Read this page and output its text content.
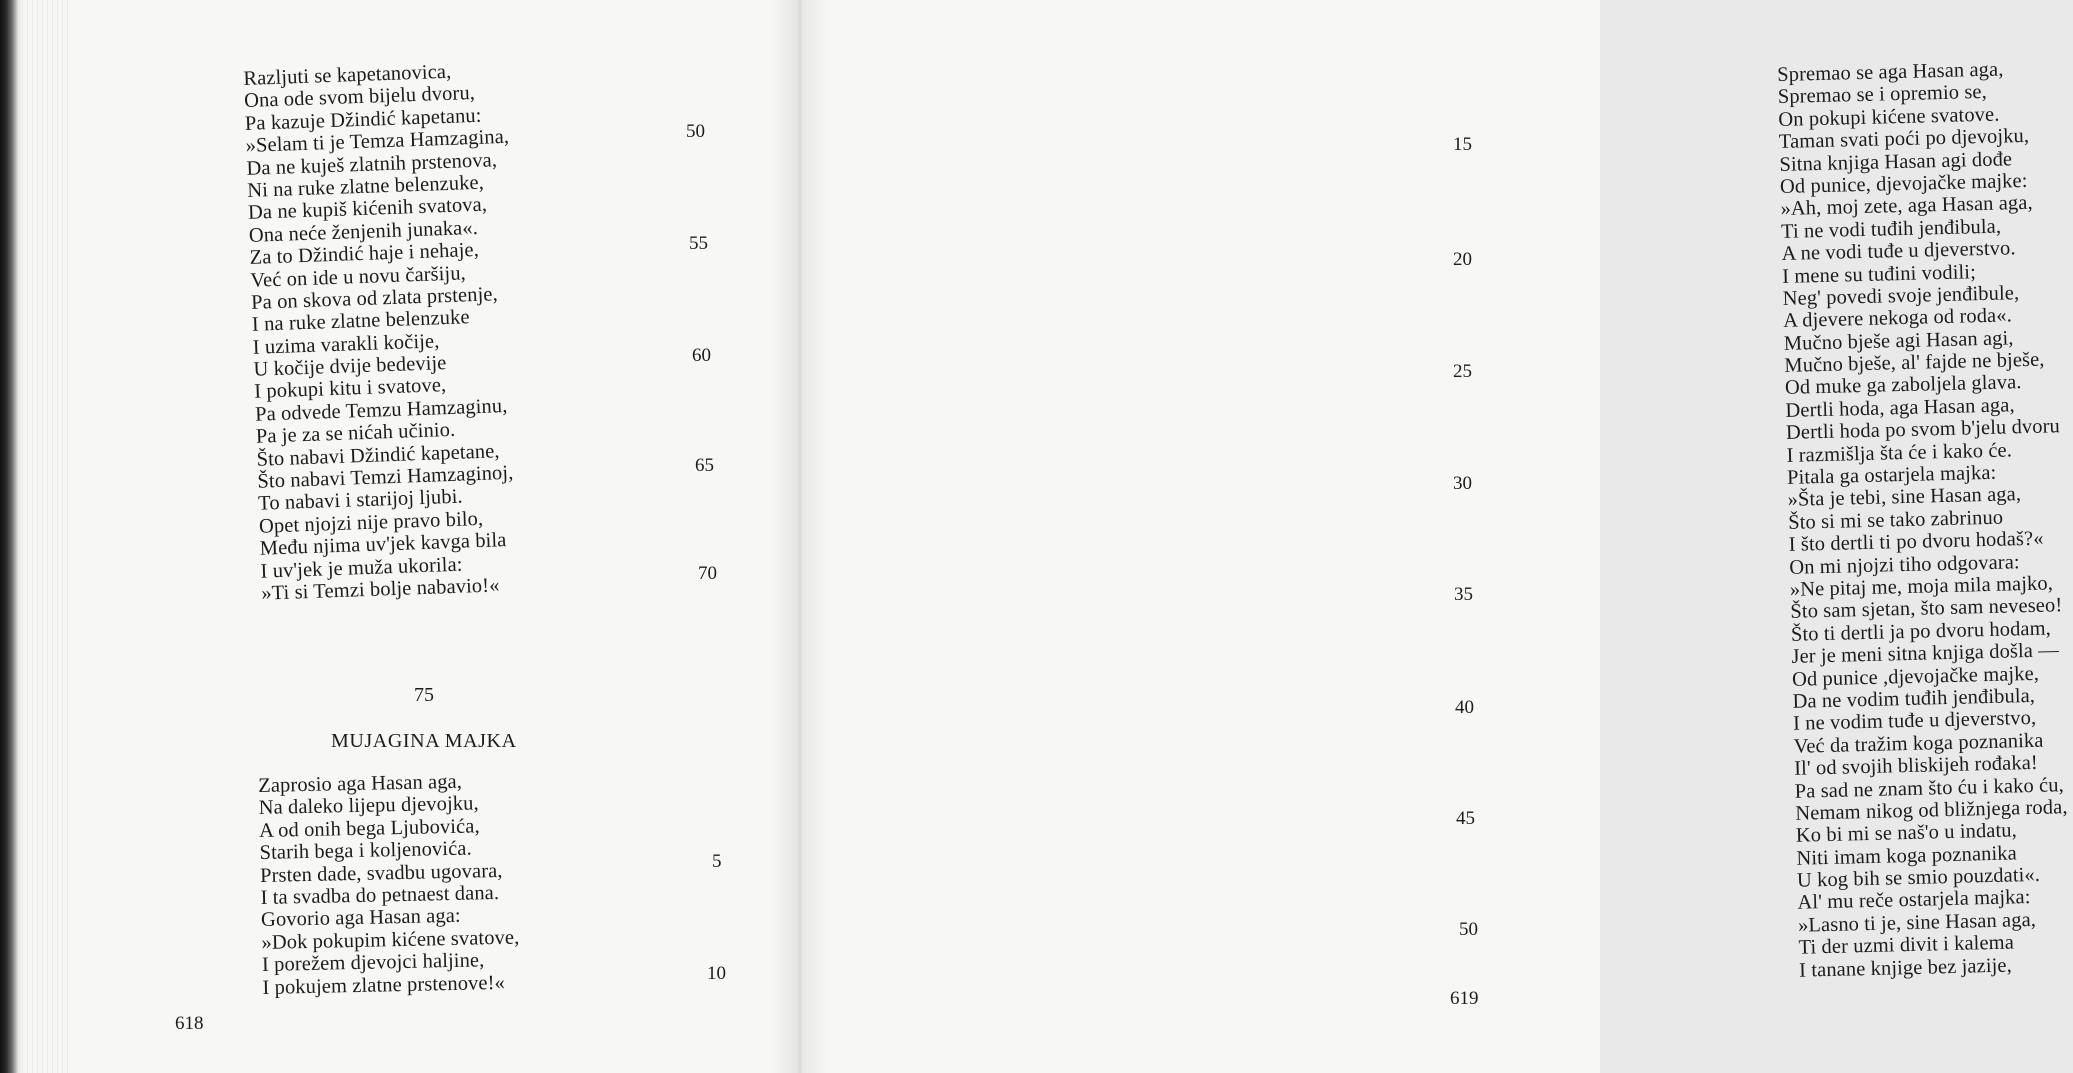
Razljuti se kapetanovica,
Ona ode svom bijelu dvoru,
Pa kazuje Džindić kapetanu:
»Selam ti je Temza Hamzagina,
Da ne kuješ zlatnih prstenova,
Ni na ruke zlatne belenzuke,
Da ne kupiš kićenih svatova,
Ona neće ženjenih junaka«.
Za to Džindić haje i nehaje,
Već on ide u novu čaršiju,
Pa on skova od zlata prstenje,
I na ruke zlatne belenzuke
I uzima varakli kočije,
U kočije dvije bedevije
I pokupi kitu i svatove,
Pa odvede Temzu Hamzaginu,
Pa je za se nićah učinio.
Što nabavi Džindić kapetane,
Što nabavi Temzi Hamzaginoj,
To nabavi i starijoj ljubi.
Opet njojzi nije pravo bilo,
Među njima uv'jek kavga bila
I uv'jek je muža ukorila:
»Ti si Temzi bolje nabavio!«
50
55
60
65
70
75
MUJAGINA MAJKA
Zaprosio aga Hasan aga,
Na daleko lijepu djevojku,
A od onih bega Ljubovića,
Starih bega i koljenovića.
Prsten dade, svadbu ugovara,
I ta svadba do petnaest dana.
Govorio aga Hasan aga:
»Dok pokupim kićene svatove,
I porežem djevojci haljine,
I pokujem zlatne prstenove!«
5
10
618
Spremao se aga Hasan aga,
Spremao se i opremio se,
On pokupi kićene svatove.
Taman svati poći po djevojku,
Sitna knjiga Hasan agi dođe
Od punice, djevojačke majke:
»Ah, moj zete, aga Hasan aga,
Ti ne vodi tuđih jenđibula,
A ne vodi tuđe u djeverstvo.
I mene su tuđini vodili;
Neg' povedi svoje jenđibule,
A djevere nekoga od roda«.
Mučno bješe agi Hasan agi,
Mučno bješe, al' fajde ne bješe,
Od muke ga zaboljela glava.
Dertli hoda, aga Hasan aga,
Dertli hoda po svom b'jelu dvoru
I razmišlja šta će i kako će.
Pitala ga ostarjela majka:
»Šta je tebi, sine Hasan aga,
Što si mi se tako zabrinuo
I što dertli ti po dvoru hodaš?«
On mi njojzi tiho odgovara:
»Ne pitaj me, moja mila majko,
Što sam sjetan, što sam neveseo!
Što ti dertli ja po dvoru hodam,
Jer je meni sitna knjiga došla —
Od punice ,djevojačke majke,
Da ne vodim tuđih jenđibula,
I ne vodim tuđe u djeverstvo,
Već da tražim koga poznanika
Il' od svojih bliskijeh rođaka!
Pa sad ne znam što ću i kako ću,
Nemam nikog od bližnjega roda,
Ko bi mi se naš'o u indatu,
Niti imam koga poznanika
U kog bih se smio pouzdati«.
Al' mu reče ostarjela majka:
»Lasno ti je, sine Hasan aga,
Ti der uzmi divit i kalema
I tanane knjige bez jazije,
15
20
25
30
35
40
45
50
619
